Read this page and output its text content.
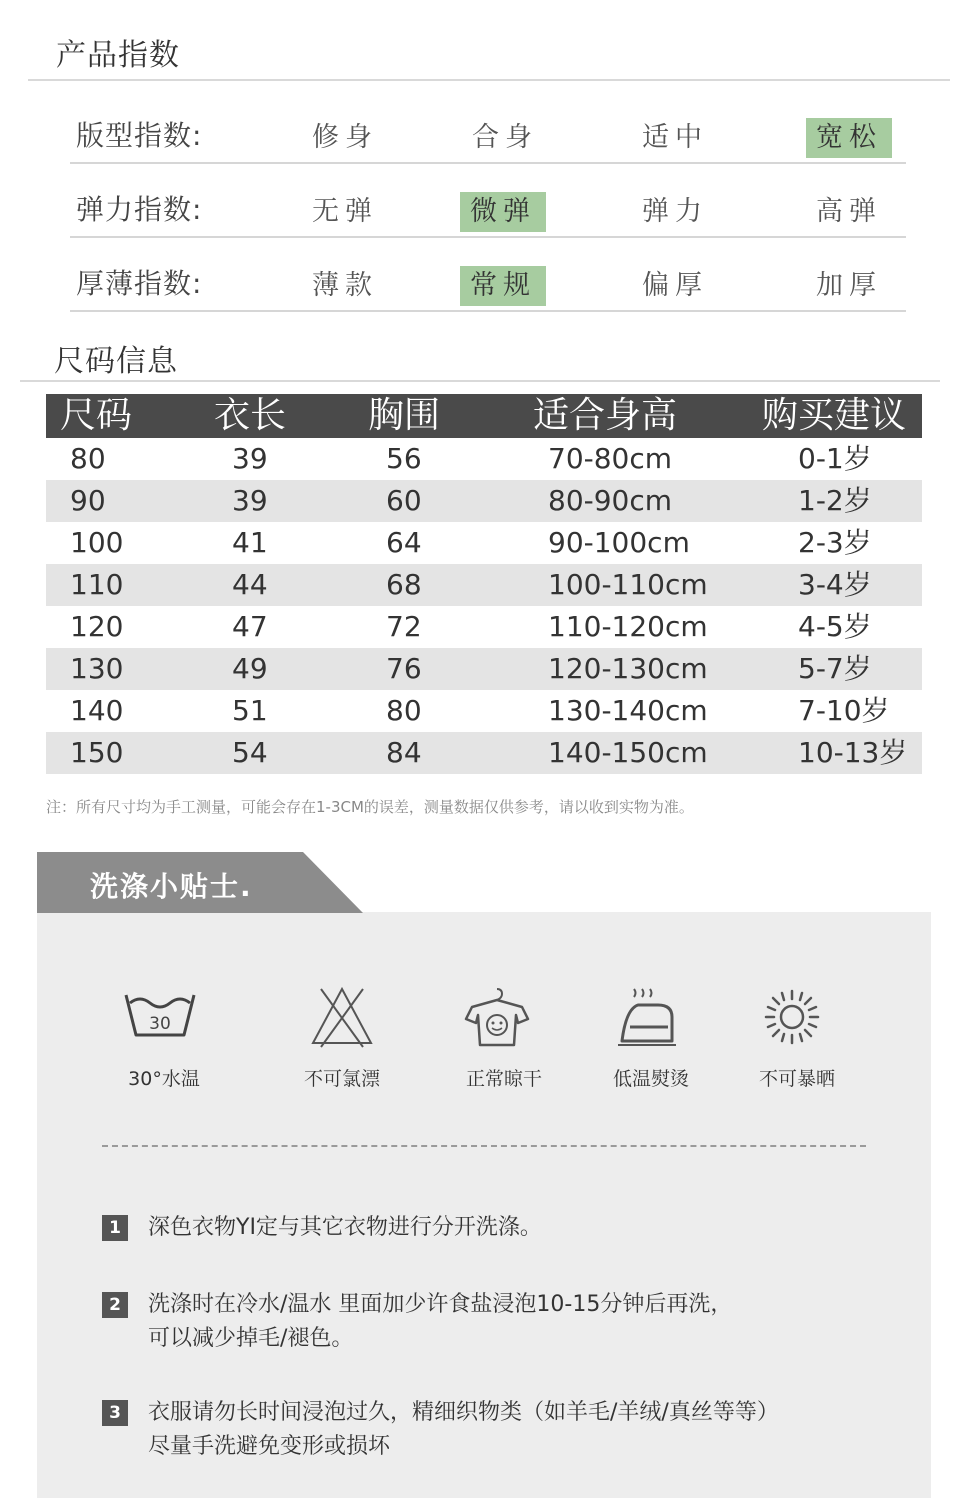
产品指数
版型指数:	修身	合身	适中	宽松
弹力指数:	无弹	微弹	弹力	高弹
厚薄指数:	薄款	常规	偏厚	加厚
尺码信息
尺码 衣长 胸围	适合身高 购买建议
80	39	56	70-80cm	0-1岁
90	39	60	80-90cm	1-2岁
100	41	64	90-100cm	2-3岁
110	44	68	100-110cm	3-4岁
120	47	72	110-120cm	4-5岁
130	49	76	120-130cm	5-7岁
140	51	80	130-140cm	7-10岁
150	54	84	140-150cm	10-13岁
注：所有尺寸均为手工测量，可能会存在1-3CM的误差，测量数据仅供参考，请以收到实物为准。
洗涤小贴士.
30
30°水温	不可氯漂	正常晾干	低温熨烫	不可暴晒
1	深色衣物YI定与其它衣物进行分开洗涤。
2	洗涤时在冷水/温水 里面加少许食盐浸泡10-15分钟后再洗，
可以减少掉毛/褪色。
3	衣服请勿长时间浸泡过久，精细织物类（如羊毛/羊绒/真丝等等）
尽量手洗避免变形或损坏
